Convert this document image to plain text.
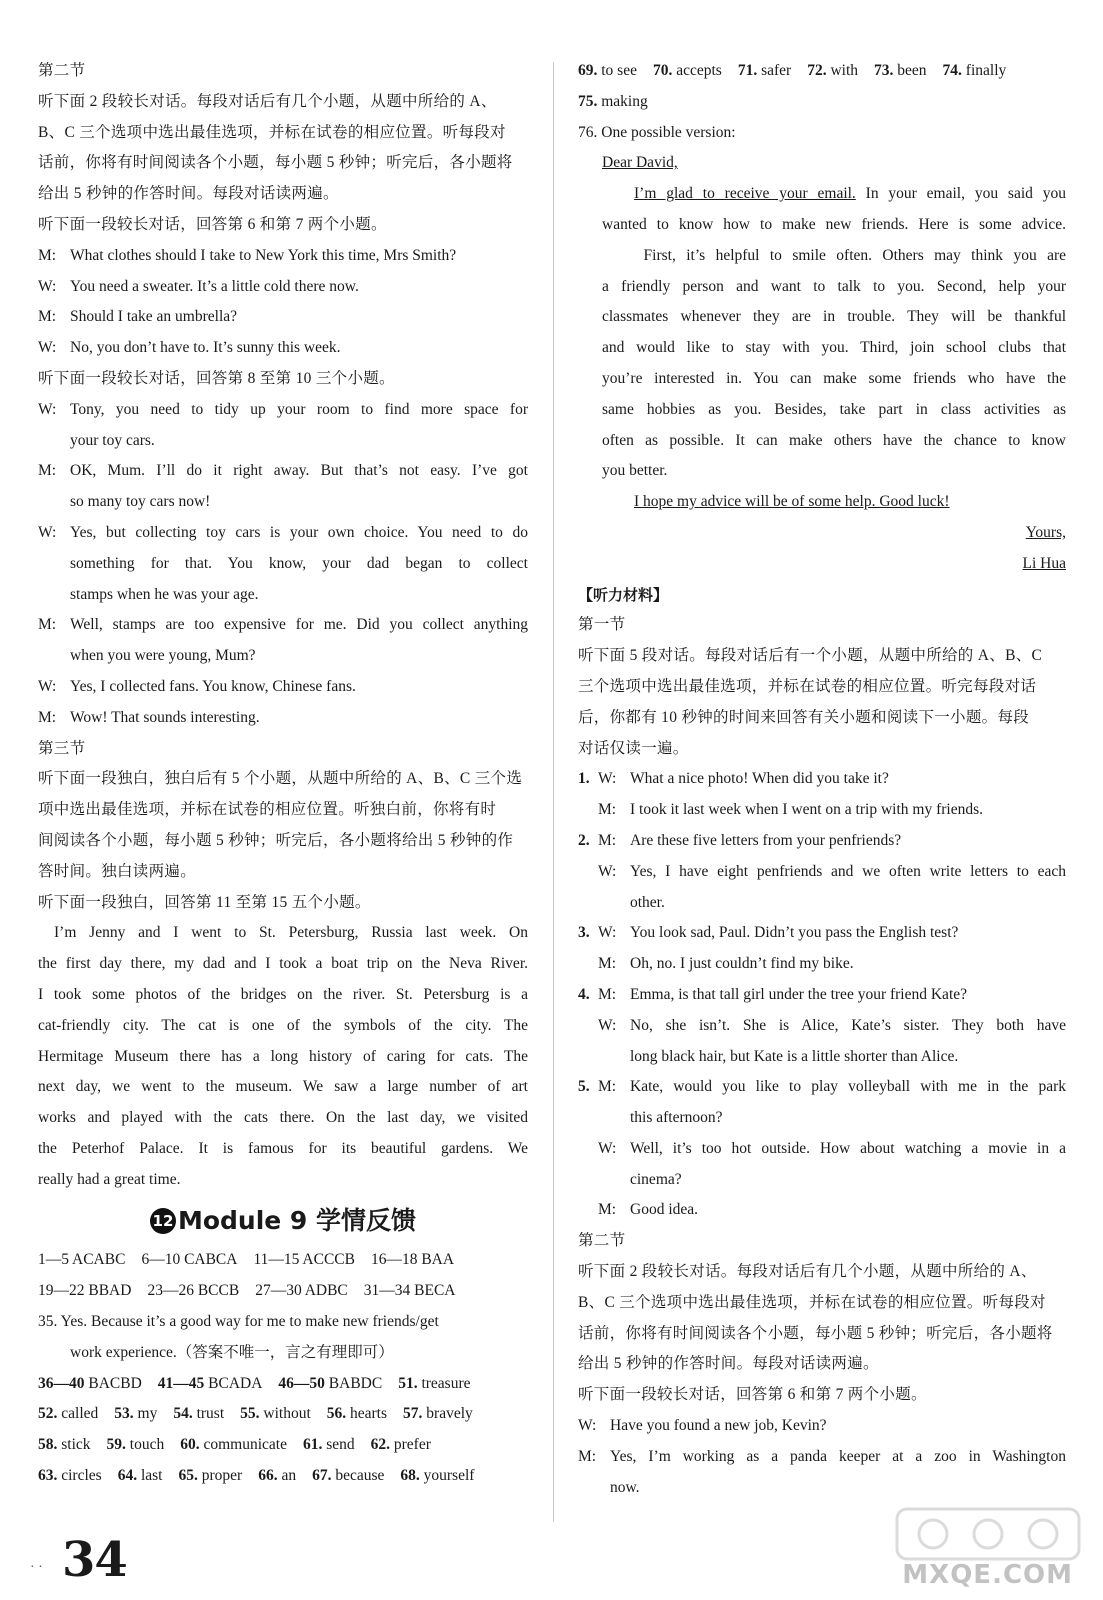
第二节
听下面 2 段较长对话。每段对话后有几个小题，从题中所给的 A、
B、C 三个选项中选出最佳选项，并标在试卷的相应位置。听每段对
话前，你将有时间阅读各个小题，每小题 5 秒钟；听完后，各小题将
给出 5 秒钟的作答时间。每段对话读两遍。
听下面一段较长对话，回答第 6 和第 7 两个小题。
M: What clothes should I take to New York this time, Mrs Smith?
W: You need a sweater. It’s a little cold there now.
M: Should I take an umbrella?
W: No, you don’t have to. It’s sunny this week.
听下面一段较长对话，回答第 8 至第 10 三个小题。
W: Tony, you need to tidy up your room to find more space for
your toy cars.
M: OK, Mum. I’ll do it right away. But that’s not easy. I’ve got
so many toy cars now!
W: Yes, but collecting toy cars is your own choice. You need to do
something for that. You know, your dad began to collect
stamps when he was your age.
M: Well, stamps are too expensive for me. Did you collect anything
when you were young, Mum?
W: Yes, I collected fans. You know, Chinese fans.
M: Wow! That sounds interesting.
第三节
听下面一段独白，独白后有 5 个小题，从题中所给的 A、B、C 三个选
项中选出最佳选项，并标在试卷的相应位置。听独白前，你将有时
间阅读各个小题，每小题 5 秒钟；听完后，各小题将给出 5 秒钟的作
答时间。独白读两遍。
听下面一段独白，回答第 11 至第 15 五个小题。
I’m Jenny and I went to St. Petersburg, Russia last week. On
the first day there, my dad and I took a boat trip on the Neva River.
I took some photos of the bridges on the river. St. Petersburg is a
cat-friendly city. The cat is one of the symbols of the city. The
Hermitage Museum there has a long history of caring for cats. The
next day, we went to the museum. We saw a large number of art
works and played with the cats there. On the last day, we visited
the Peterhof Palace. It is famous for its beautiful gardens. We
really had a great time.
12 Module 9 学情反馈
1—5 ACABC 6—10 CABCA 11—15 ACCCB 16—18 BAA
19—22 BBAD 23—26 BCCB 27—30 ADBC 31—34 BECA
35. Yes. Because it’s a good way for me to make new friends/get
work experience.（答案不唯一，言之有理即可）
36—40 BACBD 41—45 BCADA 46—50 BABDC 51. treasure
52. called 53. my 54. trust 55. without 56. hearts 57. bravely
58. stick 59. touch 60. communicate 61. send 62. prefer
63. circles 64. last 65. proper 66. an 67. because 68. yourself
69. to see 70. accepts 71. safer 72. with 73. been 74. finally
75. making
76. One possible version:
Dear David,
I’m glad to receive your email. In your email, you said you
wanted to know how to make new friends. Here is some advice.
First, it’s helpful to smile often. Others may think you are
a friendly person and want to talk to you. Second, help your
classmates whenever they are in trouble. They will be thankful
and would like to stay with you. Third, join school clubs that
you’re interested in. You can make some friends who have the
same hobbies as you. Besides, take part in class activities as
often as possible. It can make others have the chance to know
you better.
I hope my advice will be of some help. Good luck!
Yours,
Li Hua
【听力材料】
第一节
听下面 5 段对话。每段对话后有一个小题，从题中所给的 A、B、C
三个选项中选出最佳选项，并标在试卷的相应位置。听完每段对话
后，你都有 10 秒钟的时间来回答有关小题和阅读下一小题。每段
对话仅读一遍。
1. W: What a nice photo! When did you take it?
M: I took it last week when I went on a trip with my friends.
2. M: Are these five letters from your penfriends?
W: Yes, I have eight penfriends and we often write letters to each
other.
3. W: You look sad, Paul. Didn’t you pass the English test?
M: Oh, no. I just couldn’t find my bike.
4. M: Emma, is that tall girl under the tree your friend Kate?
W: No, she isn’t. She is Alice, Kate’s sister. They both have
long black hair, but Kate is a little shorter than Alice.
5. M: Kate, would you like to play volleyball with me in the park
this afternoon?
W: Well, it’s too hot outside. How about watching a movie in a
cinema?
M: Good idea.
第二节
听下面 2 段较长对话。每段对话后有几个小题，从题中所给的 A、
B、C 三个选项中选出最佳选项，并标在试卷的相应位置。听每段对
话前，你将有时间阅读各个小题，每小题 5 秒钟；听完后，各小题将
给出 5 秒钟的作答时间。每段对话读两遍。
听下面一段较长对话，回答第 6 和第 7 两个小题。
W: Have you found a new job, Kevin?
M: Yes, I’m working as a panda keeper at a zoo in Washington
now.
· · 34	MXQE.COM
